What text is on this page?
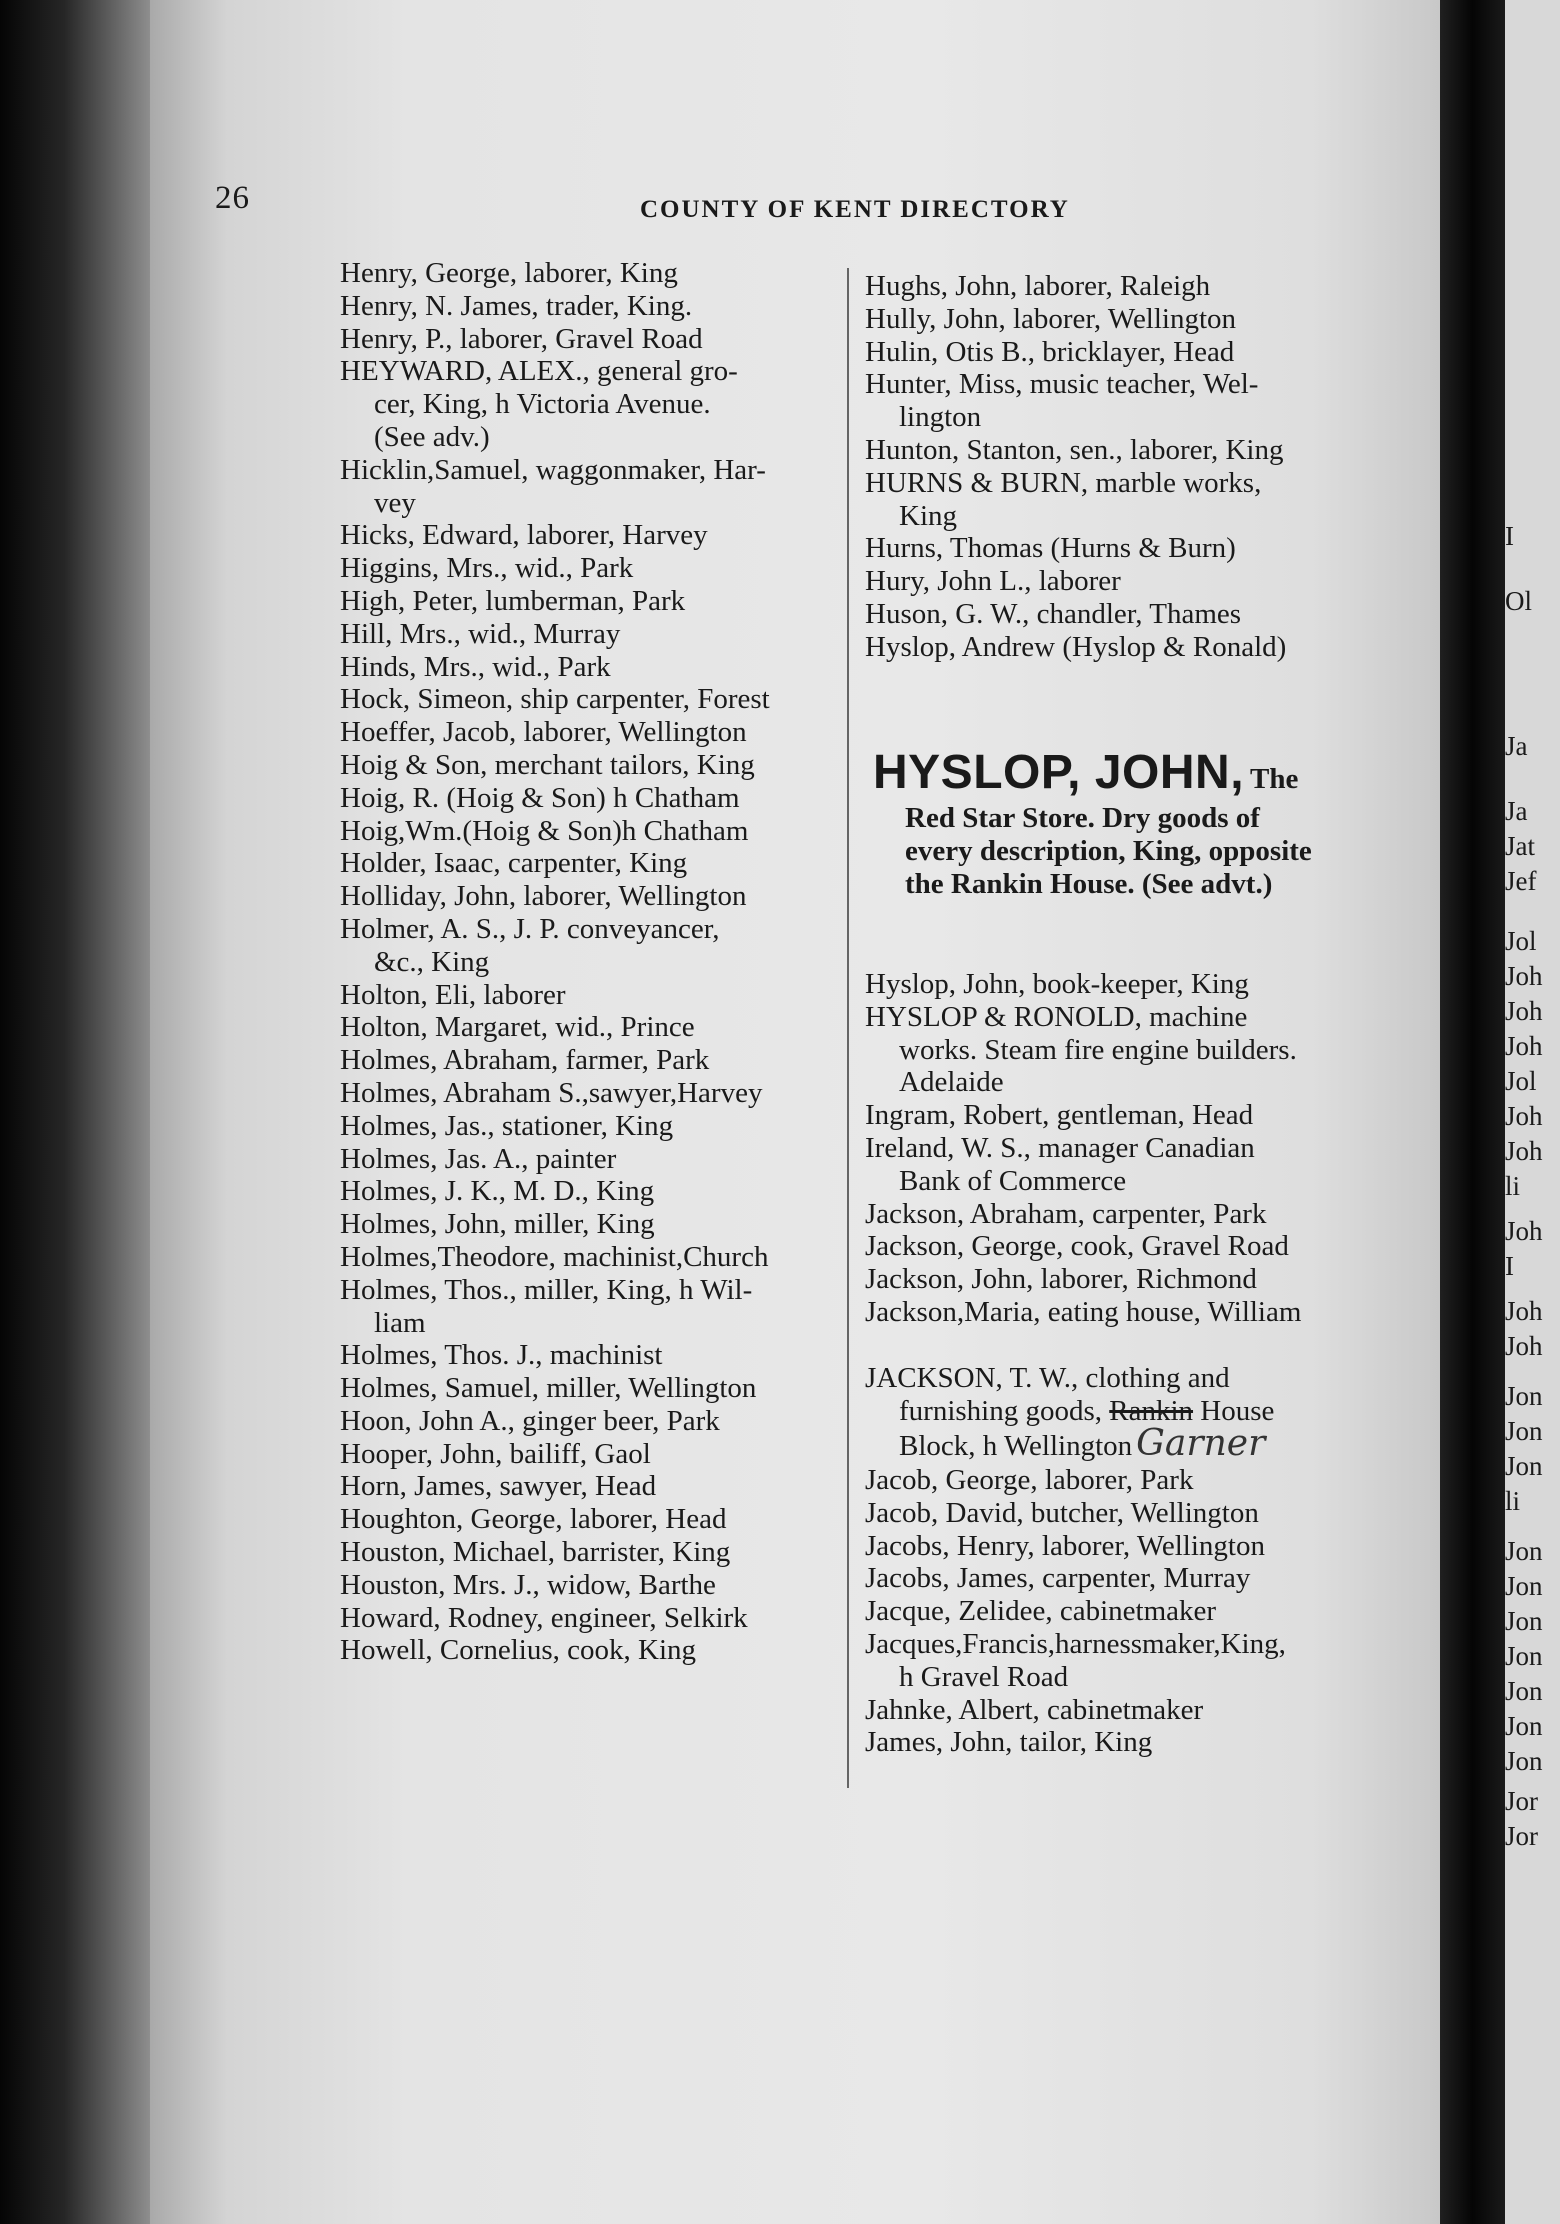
26	COUNTY OF KENT DIRECTORY
Henry, George, laborer, King
Henry, N. James, trader, King.
Henry, P., laborer, Gravel Road
HEYWARD, ALEX., general gro-
cer, King, h Victoria Avenue.
(See adv.)
Hicklin,Samuel, waggonmaker, Har-
vey
Hicks, Edward, laborer, Harvey
Higgins, Mrs., wid., Park
High, Peter, lumberman, Park
Hill, Mrs., wid., Murray
Hinds, Mrs., wid., Park
Hock, Simeon, ship carpenter, Forest
Hoeffer, Jacob, laborer, Wellington
Hoig & Son, merchant tailors, King
Hoig, R. (Hoig & Son) h Chatham
Hoig,Wm.(Hoig & Son)h Chatham
Holder, Isaac, carpenter, King
Holliday, John, laborer, Wellington
Holmer, A. S., J. P. conveyancer,
&c., King
Holton, Eli, laborer
Holton, Margaret, wid., Prince
Holmes, Abraham, farmer, Park
Holmes, Abraham S.,sawyer,Harvey
Holmes, Jas., stationer, King
Holmes, Jas. A., painter
Holmes, J. K., M. D., King
Holmes, John, miller, King
Holmes,Theodore, machinist,Church
Holmes, Thos., miller, King, h Wil-
liam
Holmes, Thos. J., machinist
Holmes, Samuel, miller, Wellington
Hoon, John A., ginger beer, Park
Hooper, John, bailiff, Gaol
Horn, James, sawyer, Head
Houghton, George, laborer, Head
Houston, Michael, barrister, King
Houston, Mrs. J., widow, Barthe
Howard, Rodney, engineer, Selkirk
Howell, Cornelius, cook, King
Hughs, John, laborer, Raleigh
Hully, John, laborer, Wellington
Hulin, Otis B., bricklayer, Head
Hunter, Miss, music teacher, Wel-
lington
Hunton, Stanton, sen., laborer, King
HURNS & BURN, marble works,
King
Hurns, Thomas (Hurns & Burn)
Hury, John L., laborer
Huson, G. W., chandler, Thames
Hyslop, Andrew (Hyslop & Ronald)
HYSLOP, JOHN, The
Red Star Store. Dry goods of
every description, King, opposite
the Rankin House. (See advt.)
Hyslop, John, book-keeper, King
HYSLOP & RONOLD, machine
works. Steam fire engine builders.
Adelaide
Ingram, Robert, gentleman, Head
Ireland, W. S., manager Canadian
Bank of Commerce
Jackson, Abraham, carpenter, Park
Jackson, George, cook, Gravel Road
Jackson, John, laborer, Richmond
Jackson,Maria, eating house, William
JACKSON, T. W., clothing and
furnishing goods, Rankin House
Block, h Wellington Garner
Jacob, George, laborer, Park
Jacob, David, butcher, Wellington
Jacobs, Henry, laborer, Wellington
Jacobs, James, carpenter, Murray
Jacque, Zelidee, cabinetmaker
Jacques,Francis,harnessmaker,King,
h Gravel Road
Jahnke, Albert, cabinetmaker
James, John, tailor, King
I
Ol
Ja
Ja
Jat
Jef
Jol
Joh
Joh
Joh
Jol
Joh
Joh
li
Joh
I
Joh
Joh
Jon
Jon
Jon
li
Jon
Jon
Jon
Jon
Jon
Jon
Jon
Jor
Jor
